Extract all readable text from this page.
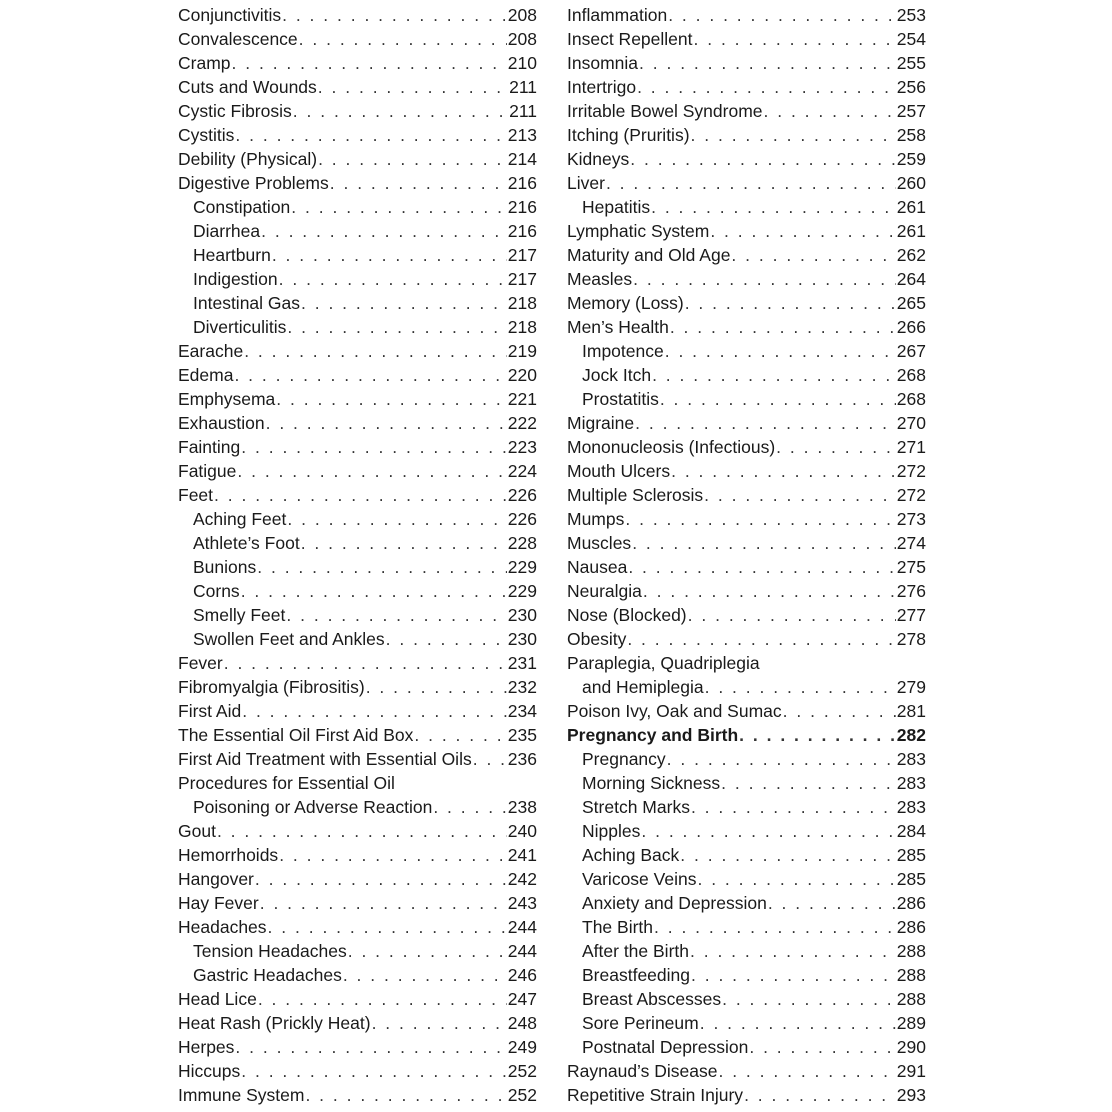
Conjunctivitis . . .	208
Convalescence . . .	208
Cramp . . .	210
Cuts and Wounds . . .	211
Cystic Fibrosis . . .	211
Cystitis . . .	213
Debility (Physical) . . .	214
Digestive Problems . . .	216
Constipation . . .	216
Diarrhea . . .	216
Heartburn . . .	217
Indigestion . . .	217
Intestinal Gas . . .	218
Diverticulitis . . .	218
Earache . . .	219
Edema . . .	220
Emphysema . . .	221
Exhaustion . . .	222
Fainting . . .	223
Fatigue . . .	224
Feet . . .	226
Aching Feet . . .	226
Athlete’s Foot . . .	228
Bunions . . .	229
Corns . . .	229
Smelly Feet . . .	230
Swollen Feet and Ankles . . .	230
Fever . . .	231
Fibromyalgia (Fibrositis) . . .	232
First Aid . . .	234
The Essential Oil First Aid Box . . .	235
First Aid Treatment with Essential Oils . . . 236
Procedures for Essential Oil
Poisoning or Adverse Reaction . . .	238
Gout . . .	240
Hemorrhoids . . .	241
Hangover . . .	242
Hay Fever . . .	243
Headaches . . .	244
Tension Headaches . . .	244
Gastric Headaches . . .	246
Head Lice . . .	247
Heat Rash (Prickly Heat) . . .	248
Herpes . . .	249
Hiccups . . .	252
Immune System . . .	252
Inflammation . . .	253
Insect Repellent . . .	254
Insomnia . . .	255
Intertrigo . . .	256
Irritable Bowel Syndrome . . .	257
Itching (Pruritis) . . .	258
Kidneys . . .	259
Liver . . .	260
Hepatitis . . .	261
Lymphatic System . . .	261
Maturity and Old Age . . .	262
Measles . . .	264
Memory (Loss) . . .	265
Men’s Health . . .	266
Impotence . . .	267
Jock Itch . . .	268
Prostatitis . . .	268
Migraine . . .	270
Mononucleosis (Infectious) . . .	271
Mouth Ulcers . . .	272
Multiple Sclerosis . . .	272
Mumps . . .	273
Muscles . . .	274
Nausea . . .	275
Neuralgia . . .	276
Nose (Blocked) . . .	277
Obesity . . .	278
Paraplegia, Quadriplegia
and Hemiplegia . . .	279
Poison Ivy, Oak and Sumac . . .	281
Pregnancy and Birth . . .	282
Pregnancy . . .	283
Morning Sickness . . .	283
Stretch Marks . . .	283
Nipples . . .	284
Aching Back . . .	285
Varicose Veins . . .	285
Anxiety and Depression . . .	286
The Birth . . .	286
After the Birth . . .	288
Breastfeeding . . .	288
Breast Abscesses . . .	288
Sore Perineum . . .	289
Postnatal Depression . . .	290
Raynaud’s Disease . . .	291
Repetitive Strain Injury . . .	293
